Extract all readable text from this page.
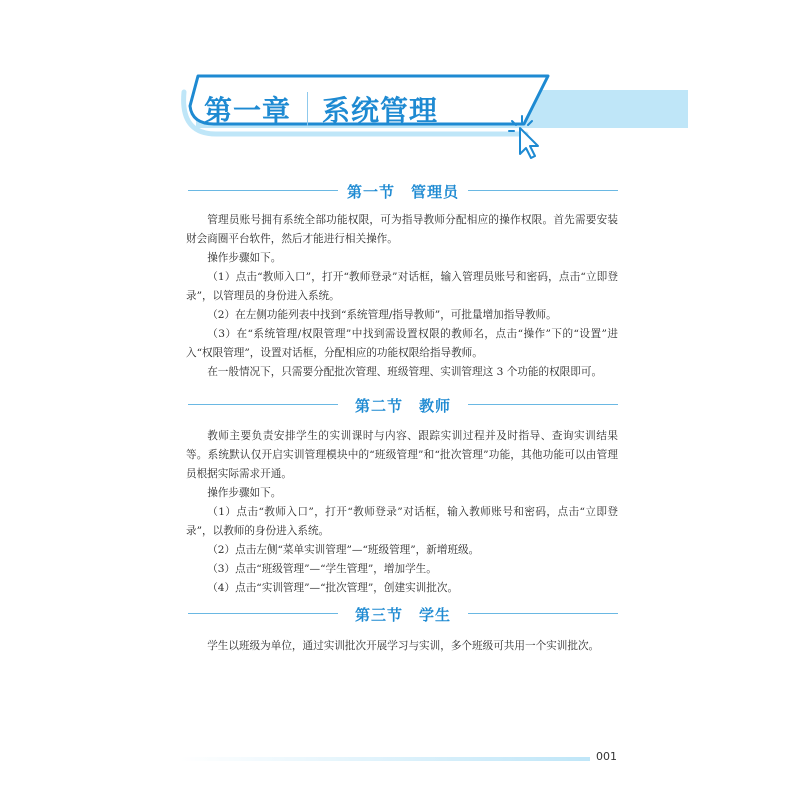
第一章 系统管理
第一节　管理员

管理员账号拥有系统全部功能权限，可为指导教师分配相应的操作权限。首先需要安装财会商圈平台软件，然后才能进行相关操作。

操作步骤如下。

（1）点击“教师入口”，打开“教师登录”对话框，输入管理员账号和密码，点击“立即登录”，以管理员的身份进入系统。

（2）在左侧功能列表中找到“系统管理/指导教师”，可批量增加指导教师。

（3）在“系统管理/权限管理”中找到需设置权限的教师名，点击“操作”下的“设置”进入“权限管理”，设置对话框，分配相应的功能权限给指导教师。

在一般情况下，只需要分配批次管理、班级管理、实训管理这 3 个功能的权限即可。

第二节　教师

教师主要负责安排学生的实训课时与内容、跟踪实训过程并及时指导、查询实训结果等。系统默认仅开启实训管理模块中的“班级管理”和“批次管理”功能，其他功能可以由管理员根据实际需求开通。

操作步骤如下。

（1）点击“教师入口”，打开“教师登录”对话框，输入教师账号和密码，点击“立即登录”，以教师的身份进入系统。

（2）点击左侧“菜单实训管理”—“班级管理”，新增班级。

（3）点击“班级管理”—“学生管理”，增加学生。

（4）点击“实训管理”—“批次管理”，创建实训批次。

第三节　学生

学生以班级为单位，通过实训批次开展学习与实训，多个班级可共用一个实训批次。

001
